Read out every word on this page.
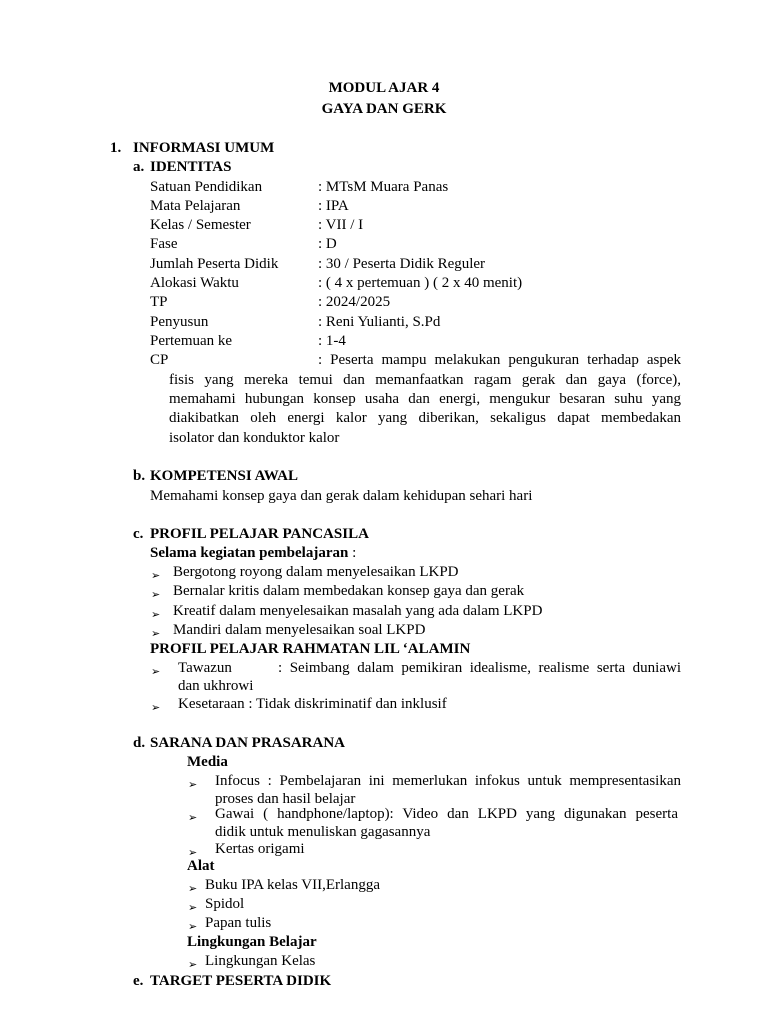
MODUL AJAR 4
GAYA DAN GERK
1. INFORMASI UMUM
a. IDENTITAS
Satuan Pendidikan	: MTsM Muara Panas
Mata Pelajaran	: IPA
Kelas / Semester	: VII / I
Fase	: D
Jumlah Peserta Didik	: 30 / Peserta Didik Reguler
Alokasi Waktu	: ( 4 x pertemuan ) ( 2 x 40 menit)
TP	: 2024/2025
Penyusun	: Reni Yulianti, S.Pd
Pertemuan ke	: 1-4
CP	: Peserta mampu melakukan pengukuran terhadap aspek
fisis yang mereka temui dan memanfaatkan ragam gerak dan gaya (force),
memahami hubungan konsep usaha dan energi, mengukur besaran suhu yang
diakibatkan oleh energi kalor yang diberikan, sekaligus dapat membedakan
isolator dan konduktor kalor
b. KOMPETENSI AWAL
Memahami konsep gaya dan gerak dalam kehidupan sehari hari
c. PROFIL PELAJAR PANCASILA
Selama kegiatan pembelajaran :
➢ Bergotong royong dalam menyelesaikan LKPD
➢ Bernalar kritis dalam membedakan konsep gaya dan gerak
➢ Kreatif dalam menyelesaikan masalah yang ada dalam LKPD
➢ Mandiri dalam menyelesaikan soal LKPD
PROFIL PELAJAR RAHMATAN LIL ‘ALAMIN
➢ Tawazun	: Seimbang dalam pemikiran idealisme, realisme serta duniawi
dan ukhrowi
➢ Kesetaraan : Tidak diskriminatif dan inklusif
d. SARANA DAN PRASARANA
Media
➢ Infocus : Pembelajaran ini memerlukan infokus untuk mempresentasikan
proses dan hasil belajar
➢ Gawai ( handphone/laptop): Video dan LKPD yang digunakan peserta
didik untuk menuliskan gagasannya
➢ Kertas origami
Alat
➢ Buku IPA kelas VII,Erlangga
➢ Spidol
➢ Papan tulis
Lingkungan Belajar
➢ Lingkungan Kelas
e. TARGET PESERTA DIDIK
